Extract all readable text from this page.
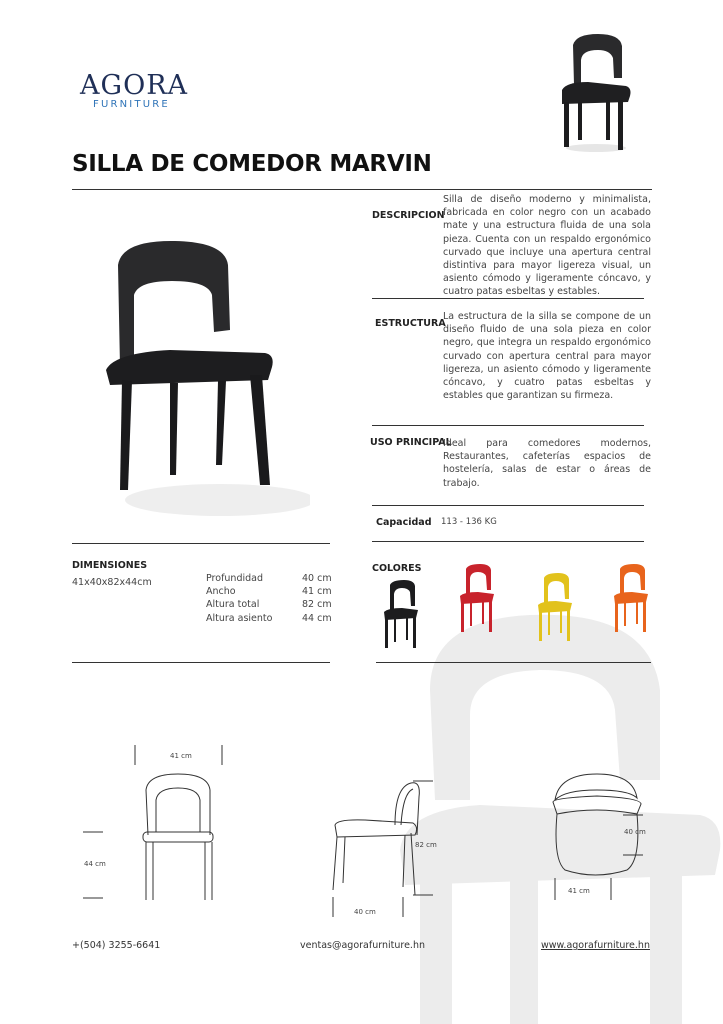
AGORA
FURNITURE
SILLA DE COMEDOR MARVIN
DESCRIPCION
Silla de diseño moderno y minimalista, fabricada en color negro con un acabado mate y una estructura fluida de una sola pieza. Cuenta con un respaldo ergonómico curvado que incluye una apertura central distintiva para mayor ligereza visual, un asiento cómodo y ligeramente cóncavo, y cuatro patas esbeltas y estables.
ESTRUCTURA
La estructura de la silla se compone de un diseño fluido de una sola pieza en color negro, que integra un respaldo ergonómico curvado con apertura central para mayor ligereza, un asiento cómodo y ligeramente cóncavo, y cuatro patas esbeltas y estables que garantizan su firmeza.
USO PRINCIPAL
Ideal para comedores modernos, Restaurantes, cafeterías espacios de hostelería, salas de estar o áreas de trabajo.
Capacidad 113 - 136 KG
DIMENSIONES
41x40x82x44cm	Profundidad	40 cm
Ancho	41 cm
Altura total	82 cm
Altura asiento	44 cm
COLORES
41 cm
44 cm
82 cm
40 cm
40 cm
41 cm
+(504) 3255-6641	ventas@agorafurniture.hn	www.agorafurniture.hn
